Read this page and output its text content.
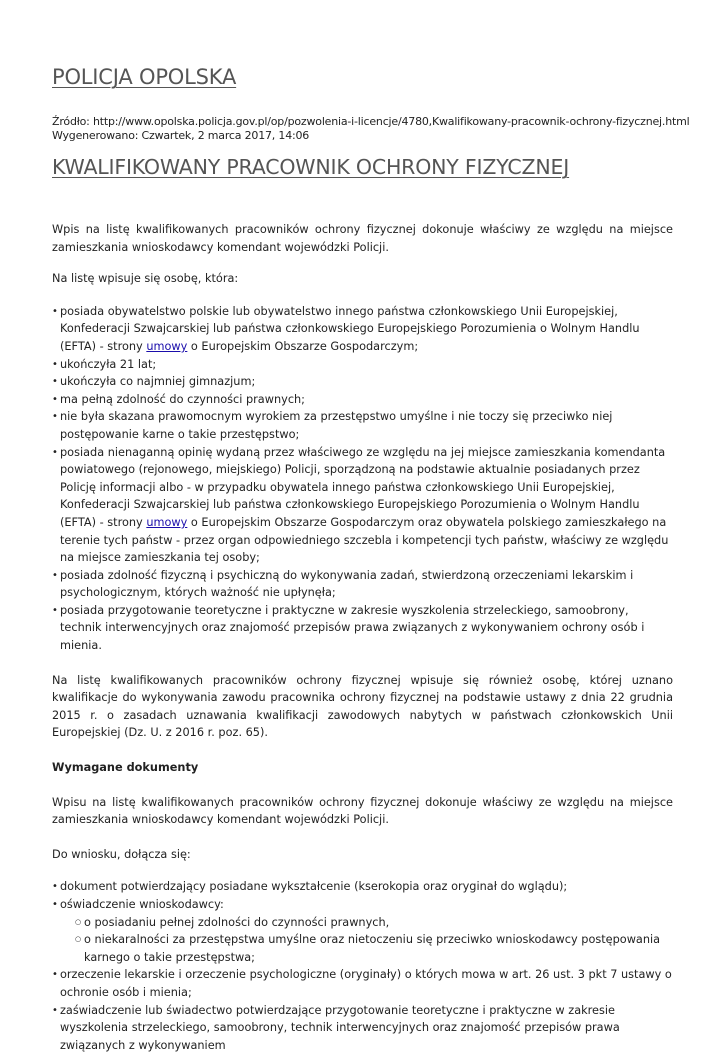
POLICJA OPOLSKA
Źródło: http://www.opolska.policja.gov.pl/op/pozwolenia-i-licencje/4780,Kwalifikowany-pracownik-ochrony-fizycznej.html
Wygenerowano: Czwartek, 2 marca 2017, 14:06
KWALIFIKOWANY PRACOWNIK OCHRONY FIZYCZNEJ

Wpis na listę kwalifikowanych pracowników ochrony fizycznej dokonuje właściwy ze względu na miejsce zamieszkania wnioskodawcy komendant wojewódzki Policji.

Na listę wpisuje się osobę, która:

• posiada obywatelstwo polskie lub obywatelstwo innego państwa członkowskiego Unii Europejskiej, Konfederacji Szwajcarskiej lub państwa członkowskiego Europejskiego Porozumienia o Wolnym Handlu (EFTA) - strony umowy o Europejskim Obszarze Gospodarczym;
• ukończyła 21 lat;
• ukończyła co najmniej gimnazjum;
• ma pełną zdolność do czynności prawnych;
• nie była skazana prawomocnym wyrokiem za przestępstwo umyślne i nie toczy się przeciwko niej postępowanie karne o takie przestępstwo;
• posiada nienaganną opinię wydaną przez właściwego ze względu na jej miejsce zamieszkania komendanta powiatowego (rejonowego, miejskiego) Policji, sporządzoną na podstawie aktualnie posiadanych przez Policję informacji albo - w przypadku obywatela innego państwa członkowskiego Unii Europejskiej, Konfederacji Szwajcarskiej lub państwa członkowskiego Europejskiego Porozumienia o Wolnym Handlu (EFTA) - strony umowy o Europejskim Obszarze Gospodarczym oraz obywatela polskiego zamieszkałego na terenie tych państw - przez organ odpowiedniego szczebla i kompetencji tych państw, właściwy ze względu na miejsce zamieszkania tej osoby;
• posiada zdolność fizyczną i psychiczną do wykonywania zadań, stwierdzoną orzeczeniami lekarskim i psychologicznym, których ważność nie upłynęła;
• posiada przygotowanie teoretyczne i praktyczne w zakresie wyszkolenia strzeleckiego, samoobrony, technik interwencyjnych oraz znajomość przepisów prawa związanych z wykonywaniem ochrony osób i mienia.

Na listę kwalifikowanych pracowników ochrony fizycznej wpisuje się również osobę, której uznano kwalifikacje do wykonywania zawodu pracownika ochrony fizycznej na podstawie ustawy z dnia 22 grudnia 2015 r. o zasadach uznawania kwalifikacji zawodowych nabytych w państwach członkowskich Unii Europejskiej (Dz. U. z 2016 r. poz. 65).

Wymagane dokumenty

Wpisu na listę kwalifikowanych pracowników ochrony fizycznej dokonuje właściwy ze względu na miejsce zamieszkania wnioskodawcy komendant wojewódzki Policji.

Do wniosku, dołącza się:

• dokument potwierdzający posiadane wykształcenie (kserokopia oraz oryginał do wglądu);
• oświadczenie wnioskodawcy:
○ o posiadaniu pełnej zdolności do czynności prawnych,
○ o niekaralności za przestępstwa umyślne oraz nietoczeniu się przeciwko wnioskodawcy postępowania karnego o takie przestępstwa;
• orzeczenie lekarskie i orzeczenie psychologiczne (oryginały) o których mowa w art. 26 ust. 3 pkt 7 ustawy o ochronie osób i mienia;
• zaświadczenie lub świadectwo potwierdzające przygotowanie teoretyczne i praktyczne w zakresie wyszkolenia strzeleckiego, samoobrony, technik interwencyjnych oraz znajomość przepisów prawa związanych z wykonywaniem
